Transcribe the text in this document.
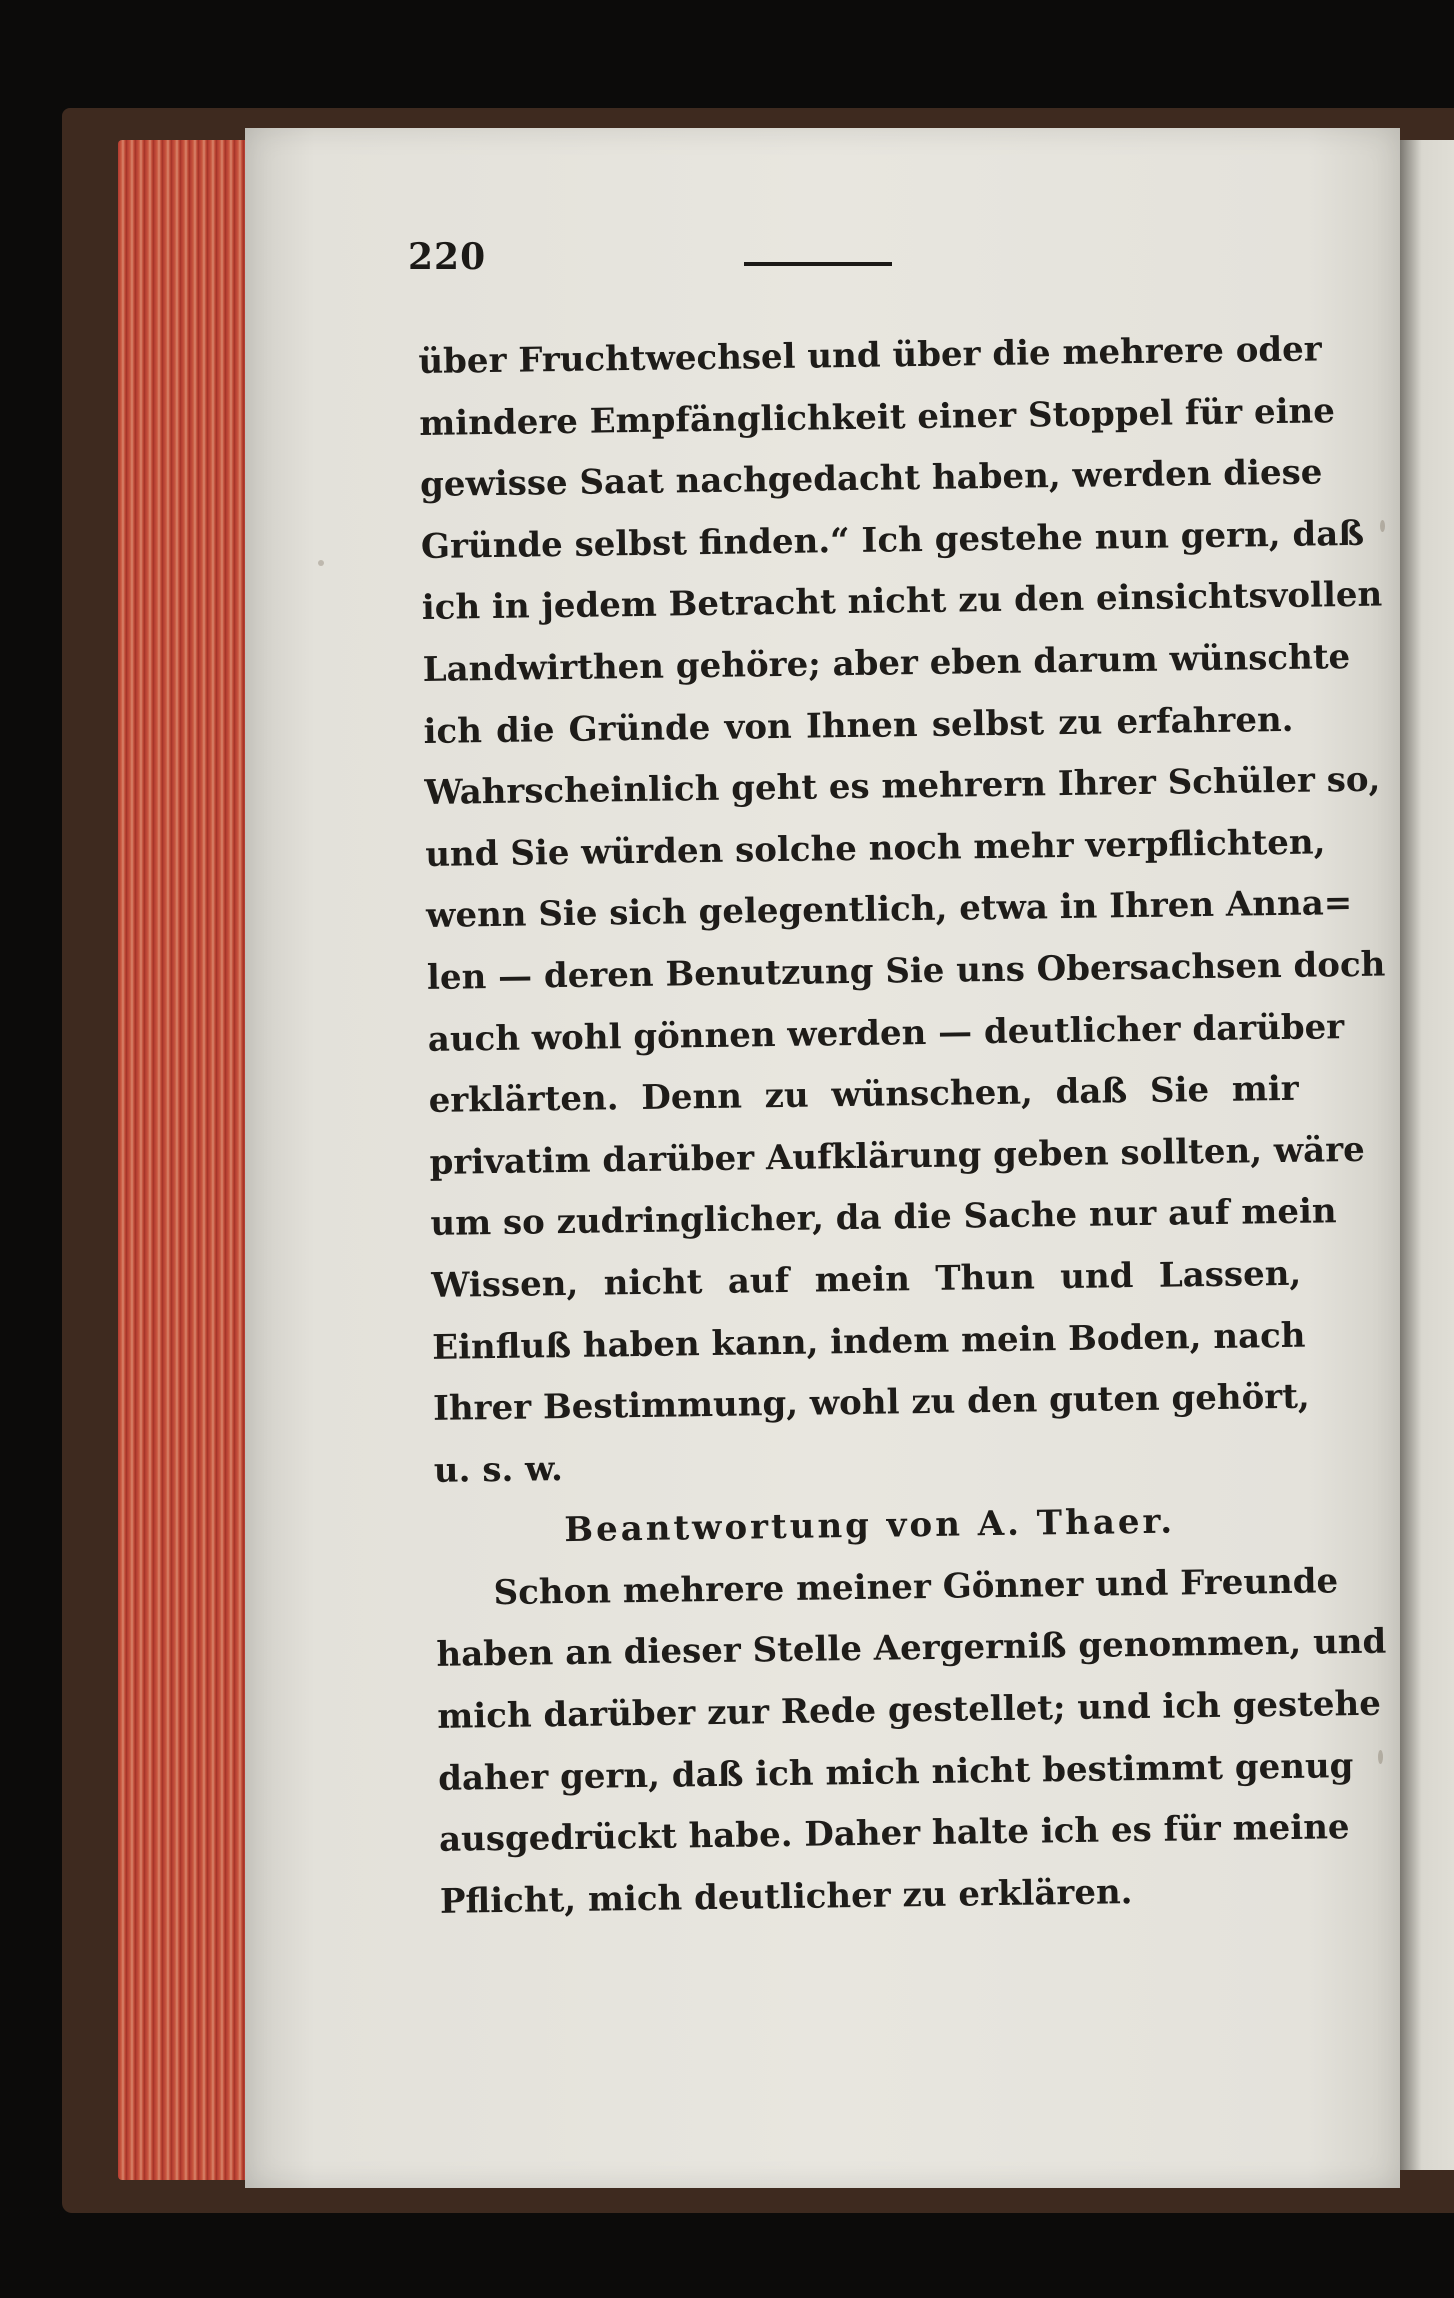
220
über Fruchtwechsel und über die mehrere oder
mindere Empfänglichkeit einer Stoppel für eine
gewisse Saat nachgedacht haben, werden diese
Gründe selbst finden.“ Ich gestehe nun gern, daß
ich in jedem Betracht nicht zu den einsichtsvollen
Landwirthen gehöre; aber eben darum wünschte
ich die Gründe von Ihnen selbst zu erfahren.
Wahrscheinlich geht es mehrern Ihrer Schüler so,
und Sie würden solche noch mehr verpflichten,
wenn Sie sich gelegentlich, etwa in Ihren Anna=
len — deren Benutzung Sie uns Obersachsen doch
auch wohl gönnen werden — deutlicher darüber
erklärten. Denn zu wünschen, daß Sie mir
privatim darüber Aufklärung geben sollten, wäre
um so zudringlicher, da die Sache nur auf mein
Wissen, nicht auf mein Thun und Lassen,
Einfluß haben kann, indem mein Boden, nach
Ihrer Bestimmung, wohl zu den guten gehört,
u. s. w.
Beantwortung von A. Thaer.
Schon mehrere meiner Gönner und Freunde
haben an dieser Stelle Aergerniß genommen, und
mich darüber zur Rede gestellet; und ich gestehe
daher gern, daß ich mich nicht bestimmt genug
ausgedrückt habe. Daher halte ich es für meine
Pflicht, mich deutlicher zu erklären.
